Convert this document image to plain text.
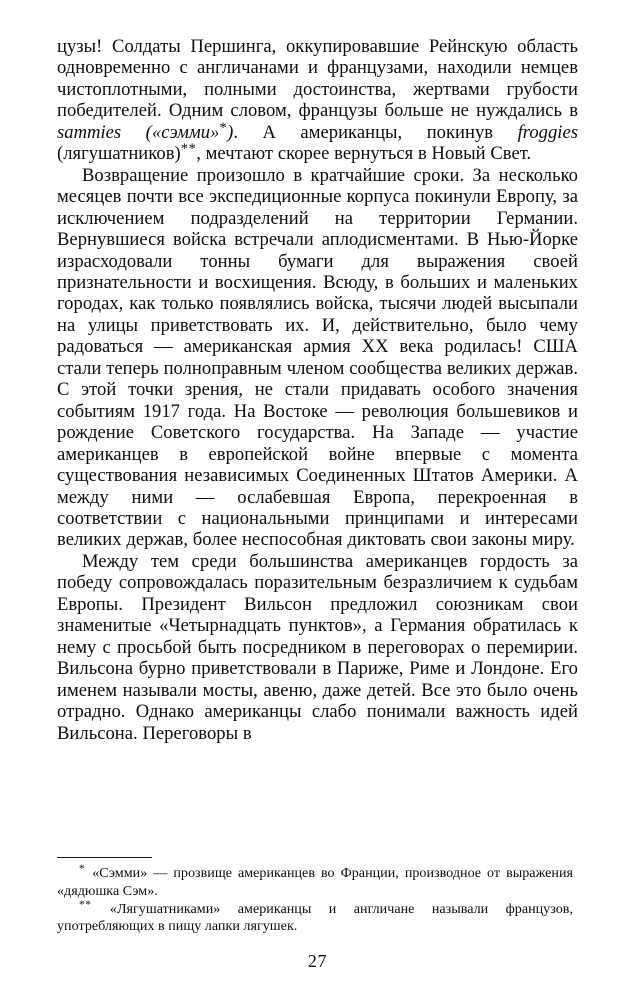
цузы! Солдаты Першинга, оккупировавшие Рейнскую область одновременно с англичанами и французами, находили немцев чистоплотными, полными достоинства, жертвами грубости победителей. Одним словом, французы больше не нуждались в sammies («сэмми»*). А американцы, покинув froggies (лягушатников)**, мечтают скорее вернуться в Новый Свет.

Возвращение произошло в кратчайшие сроки. За несколько месяцев почти все экспедиционные корпуса покинули Европу, за исключением подразделений на территории Германии. Вернувшиеся войска встречали аплодисментами. В Нью-Йорке израсходовали тонны бумаги для выражения своей признательности и восхищения. Всюду, в больших и маленьких городах, как только появлялись войска, тысячи людей высыпали на улицы приветствовать их. И, действительно, было чему радоваться — американская армия XX века родилась! США стали теперь полноправным членом сообщества великих держав. С этой точки зрения, не стали придавать особого значения событиям 1917 года. На Востоке — революция большевиков и рождение Советского государства. На Западе — участие американцев в европейской войне впервые с момента существования независимых Соединенных Штатов Америки. А между ними — ослабевшая Европа, перекроенная в соответствии с национальными принципами и интересами великих держав, более неспособная диктовать свои законы миру.

Между тем среди большинства американцев гордость за победу сопровождалась поразительным безразличием к судьбам Европы. Президент Вильсон предложил союзникам свои знаменитые «Четырнадцать пунктов», а Германия обратилась к нему с просьбой быть посредником в переговорах о перемирии. Вильсона бурно приветствовали в Париже, Риме и Лондоне. Его именем называли мосты, авеню, даже детей. Все это было очень отрадно. Однако американцы слабо понимали важность идей Вильсона. Переговоры в

* «Сэмми» — прозвище американцев во Франции, производное от выражения «дядюшка Сэм».

** «Лягушатниками» американцы и англичане называли французов, употребляющих в пищу лапки лягушек.

27
